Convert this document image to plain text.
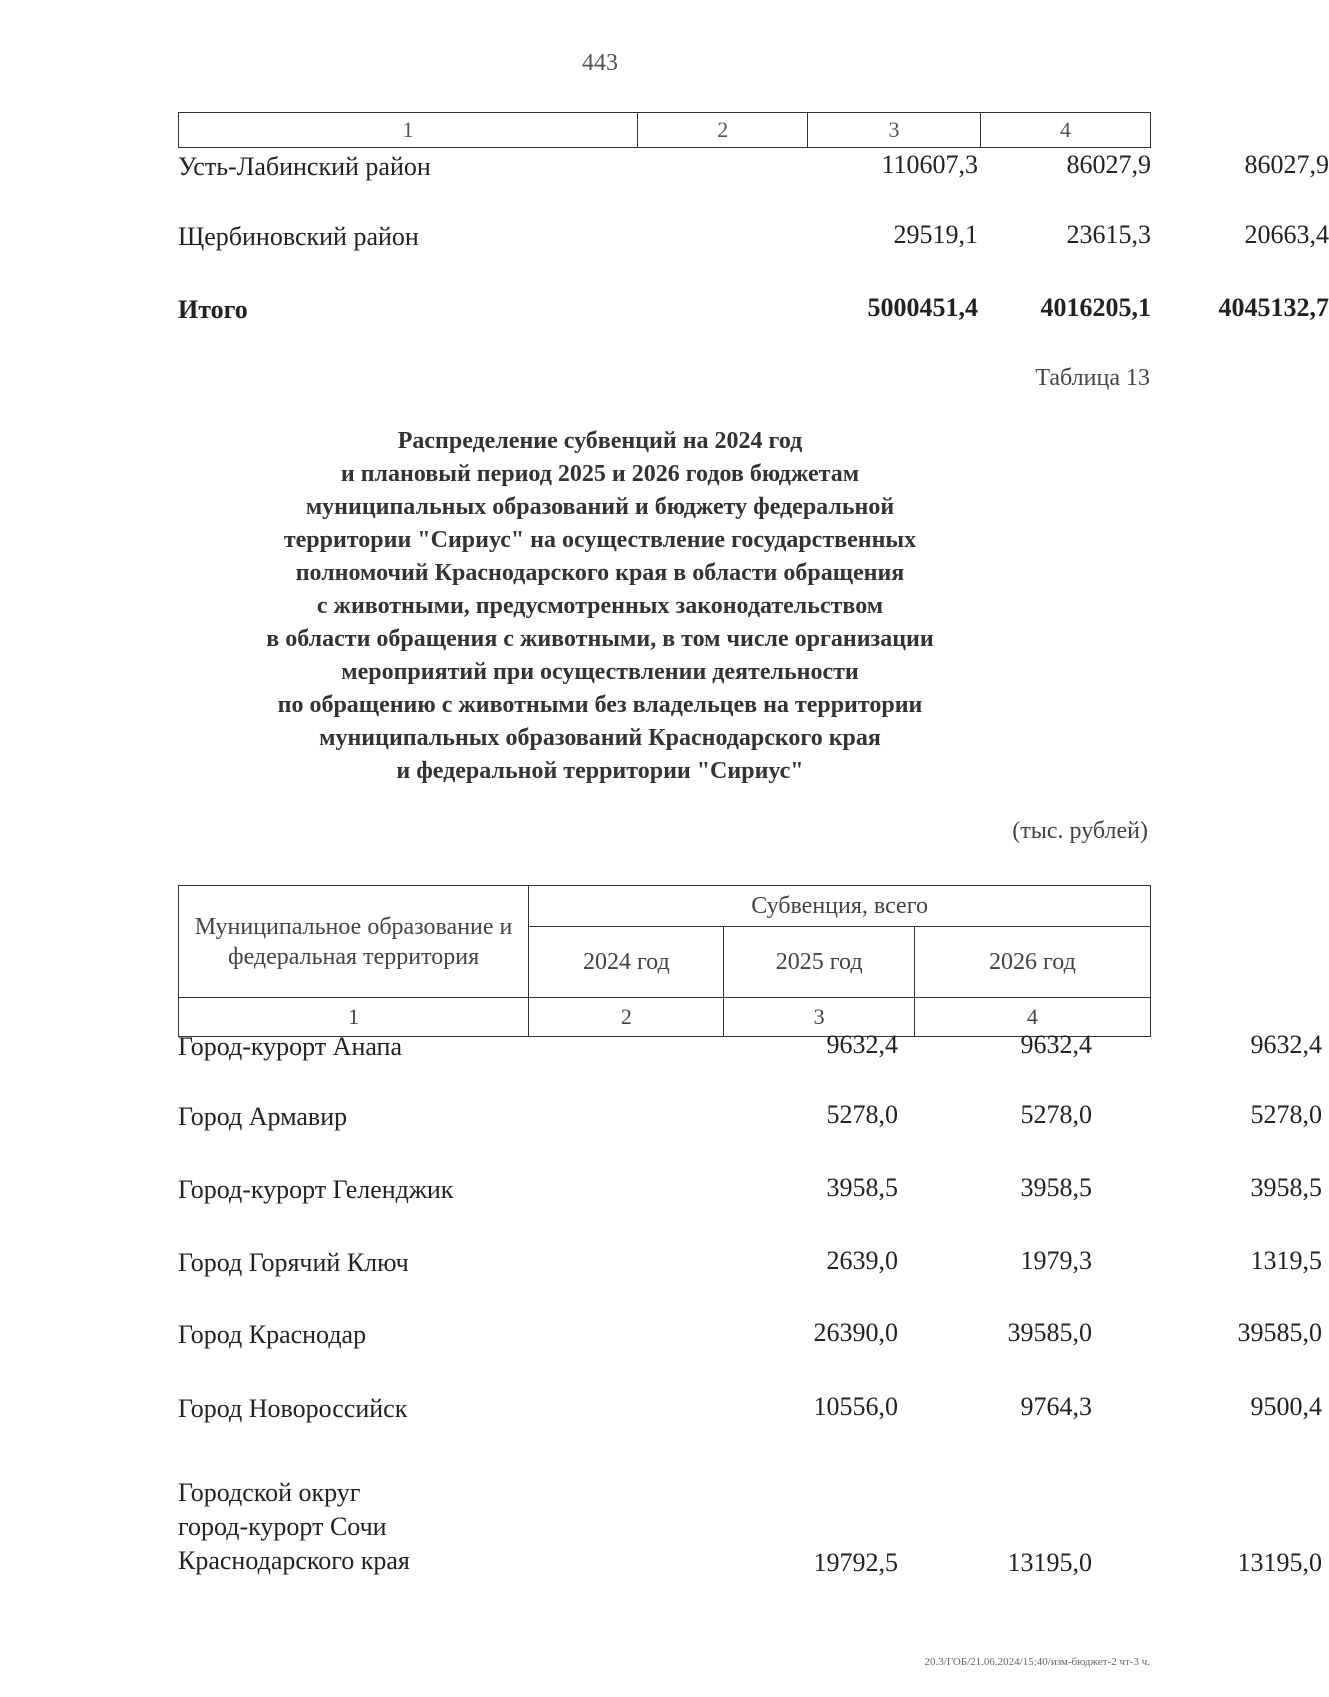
443
1	2	3	4
Усть-Лабинский район	110607,3	86027,9	86027,9
Щербиновский район	29519,1	23615,3	20663,4
Итого	5000451,4	4016205,1	4045132,7
Таблица 13
Распределение субвенций на 2024 год
и плановый период 2025 и 2026 годов бюджетам
муниципальных образований и бюджету федеральной
территории "Сириус" на осуществление государственных
полномочий Краснодарского края в области обращения
с животными, предусмотренных законодательством
в области обращения с животными, в том числе организации
мероприятий при осуществлении деятельности
по обращению с животными без владельцев на территории
муниципальных образований Краснодарского края
и федеральной территории "Сириус"
(тыс. рублей)
Муниципальное образование и федеральная территория	Субвенция, всего		
	2024 год	2025 год	2026 год
1	2	3	4
Город-курорт Анапа	9632,4	9632,4	9632,4
Город Армавир	5278,0	5278,0	5278,0
Город-курорт Геленджик	3958,5	3958,5	3958,5
Город Горячий Ключ	2639,0	1979,3	1319,5
Город Краснодар	26390,0	39585,0	39585,0
Город Новороссийск	10556,0	9764,3	9500,4
Городской округ
город-курорт Сочи
Краснодарского края	19792,5	13195,0	13195,0
20.3/ГОБ/21.06.2024/15:40/изм-бюджет-2 чт-3 ч.
